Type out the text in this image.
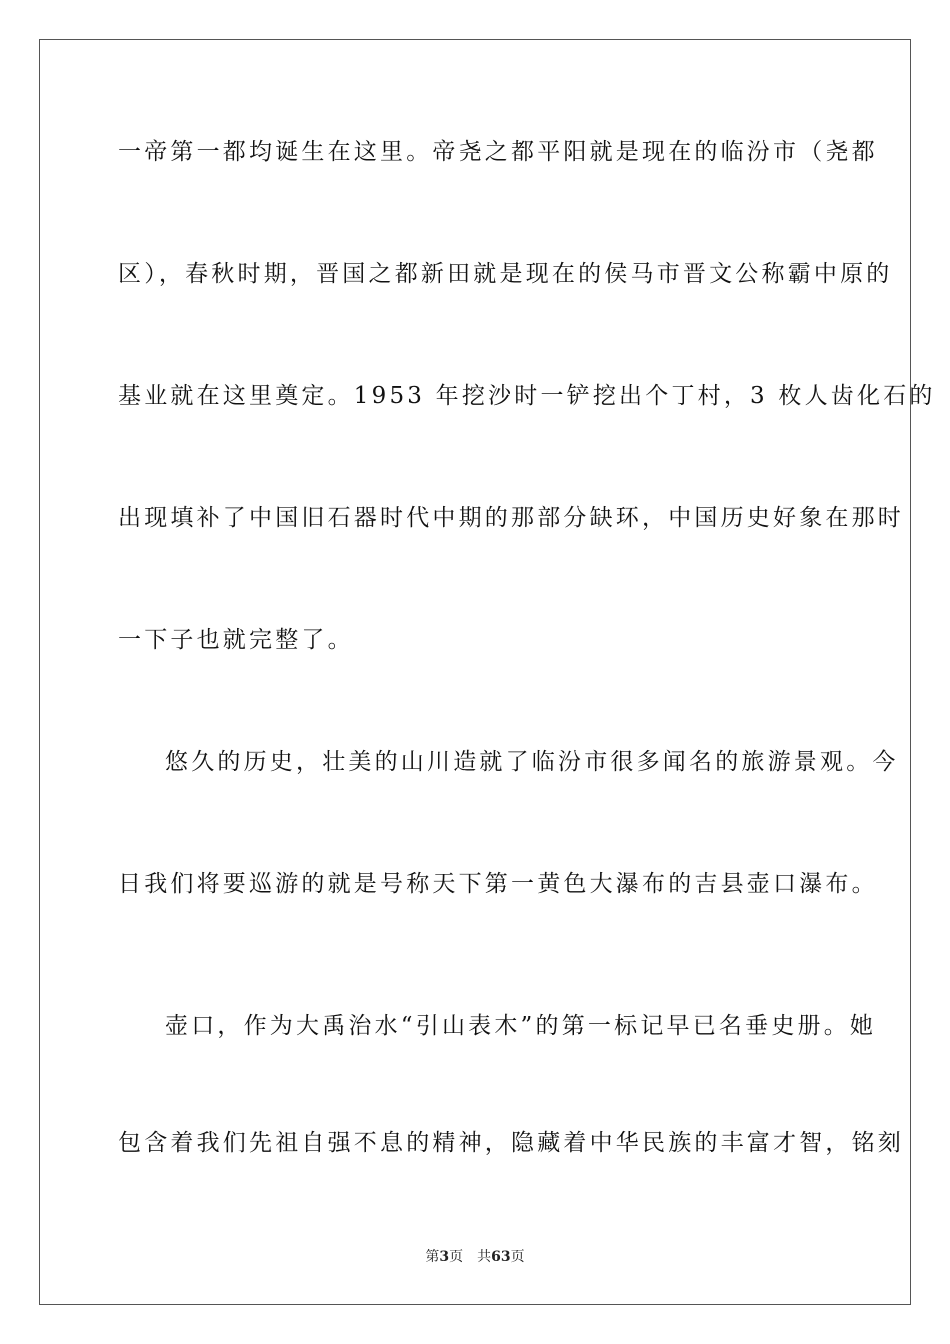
一帝第一都均诞生在这里。帝尧之都平阳就是现在的临汾市（尧都
区），春秋时期，晋国之都新田就是现在的侯马市晋文公称霸中原的
基业就在这里奠定。1953 年挖沙时一铲挖出个丁村，3 枚人齿化石的
出现填补了中国旧石器时代中期的那部分缺环，中国历史好象在那时
一下子也就完整了。
悠久的历史，壮美的山川造就了临汾市很多闻名的旅游景观。今
日我们将要巡游的就是号称天下第一黄色大瀑布的吉县壶口瀑布。
壶口，作为大禹治水“引山表木”的第一标记早已名垂史册。她
包含着我们先祖自强不息的精神，隐藏着中华民族的丰富才智，铭刻
第3页 共63页
